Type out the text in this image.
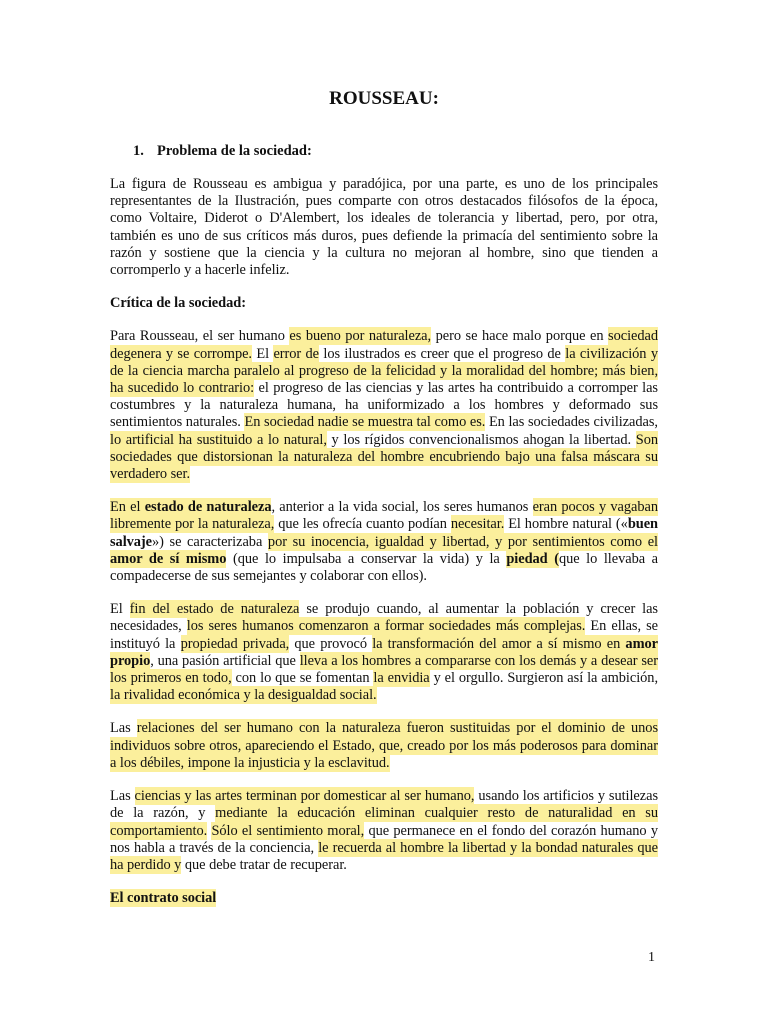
ROUSSEAU:
1. Problema de la sociedad:

La figura de Rousseau es ambigua y paradójica, por una parte, es uno de los principales representantes de la Ilustración, pues comparte con otros destacados filósofos de la época, como Voltaire, Diderot o D'Alembert, los ideales de tolerancia y libertad, pero, por otra, también es uno de sus críticos más duros, pues defiende la primacía del sentimiento sobre la razón y sostiene que la ciencia y la cultura no mejoran al hombre, sino que tienden a corromperlo y a hacerle infeliz.

Crítica de la sociedad:

Para Rousseau, el ser humano es bueno por naturaleza, pero se hace malo porque en sociedad degenera y se corrompe. El error de los ilustrados es creer que el progreso de la civilización y de la ciencia marcha paralelo al progreso de la felicidad y la moralidad del hombre; más bien, ha sucedido lo contrario: el progreso de las ciencias y las artes ha contribuido a corromper las costumbres y la naturaleza humana, ha uniformizado a los hombres y deformado sus sentimientos naturales. En sociedad nadie se muestra tal como es. En las sociedades civilizadas, lo artificial ha sustituido a lo natural, y los rígidos convencionalismos ahogan la libertad. Son sociedades que distorsionan la naturaleza del hombre encubriendo bajo una falsa máscara su verdadero ser.

En el estado de naturaleza, anterior a la vida social, los seres humanos eran pocos y vagaban libremente por la naturaleza, que les ofrecía cuanto podían necesitar. El hombre natural («buen salvaje») se caracterizaba por su inocencia, igualdad y libertad, y por sentimientos como el amor de sí mismo (que lo impulsaba a conservar la vida) y la piedad (que lo llevaba a compadecerse de sus semejantes y colaborar con ellos).

El fin del estado de naturaleza se produjo cuando, al aumentar la población y crecer las necesidades, los seres humanos comenzaron a formar sociedades más complejas. En ellas, se instituyó la propiedad privada, que provocó la transformación del amor a sí mismo en amor propio, una pasión artificial que lleva a los hombres a compararse con los demás y a desear ser los primeros en todo, con lo que se fomentan la envidia y el orgullo. Surgieron así la ambición, la rivalidad económica y la desigualdad social.

Las relaciones del ser humano con la naturaleza fueron sustituidas por el dominio de unos individuos sobre otros, apareciendo el Estado, que, creado por los más poderosos para dominar a los débiles, impone la injusticia y la esclavitud.

Las ciencias y las artes terminan por domesticar al ser humano, usando los artificios y sutilezas de la razón, y mediante la educación eliminan cualquier resto de naturalidad en su comportamiento. Sólo el sentimiento moral, que permanece en el fondo del corazón humano y nos habla a través de la conciencia, le recuerda al hombre la libertad y la bondad naturales que ha perdido y que debe tratar de recuperar.

El contrato social
1
